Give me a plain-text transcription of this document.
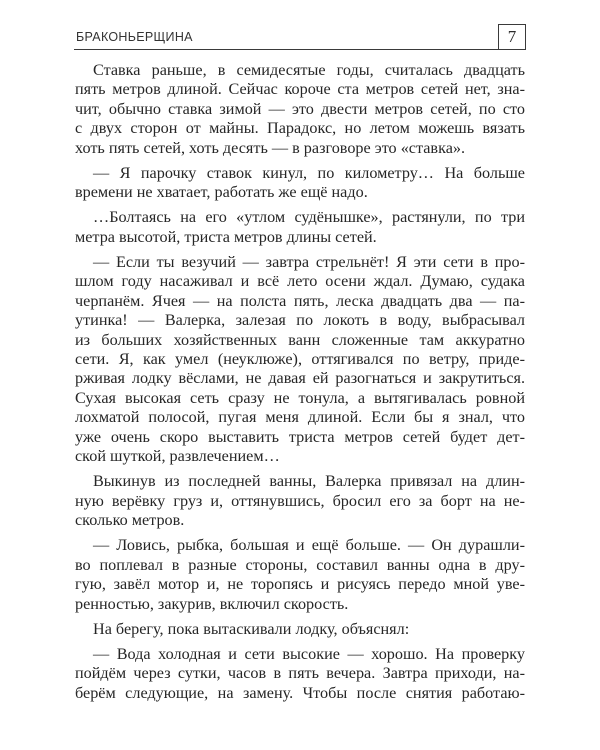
БРАКОНЬЕРЩИНА	7
Ставка раньше, в семидесятые годы, считалась двадцать
пять метров длиной. Сейчас короче ста метров сетей нет, зна-
чит, обычно ставка зимой — это двести метров сетей, по сто
с двух сторон от майны. Парадокс, но летом можешь вязать
хоть пять сетей, хоть десять — в разговоре это «ставка».
— Я парочку ставок кинул, по километру… На больше
времени не хватает, работать же ещё надо.
…Болтаясь на его «утлом судёнышке», растянули, по три
метра высотой, триста метров длины сетей.
— Если ты везучий — завтра стрельнёт! Я эти сети в про-
шлом году насаживал и всё лето осени ждал. Думаю, судака
черпанём. Ячея — на полста пять, леска двадцать два — па-
утинка! — Валерка, залезая по локоть в воду, выбрасывал
из больших хозяйственных ванн сложенные там аккуратно
сети. Я, как умел (неуклюже), оттягивался по ветру, приде-
рживая лодку вёслами, не давая ей разогнаться и закрутиться.
Сухая высокая сеть сразу не тонула, а вытягивалась ровной
лохматой полосой, пугая меня длиной. Если бы я знал, что
уже очень скоро выставить триста метров сетей будет дет-
ской шуткой, развлечением…
Выкинув из последней ванны, Валерка привязал на длин-
ную верёвку груз и, оттянувшись, бросил его за борт на не-
сколько метров.
— Ловись, рыбка, большая и ещё больше. — Он дурашли-
во поплевал в разные стороны, составил ванны одна в дру-
гую, завёл мотор и, не торопясь и рисуясь передо мной уве-
ренностью, закурив, включил скорость.
На берегу, пока вытаскивали лодку, объяснял:
— Вода холодная и сети высокие — хорошо. На проверку
пойдём через сутки, часов в пять вечера. Завтра приходи, на-
берём следующие, на замену. Чтобы после снятия работаю-
